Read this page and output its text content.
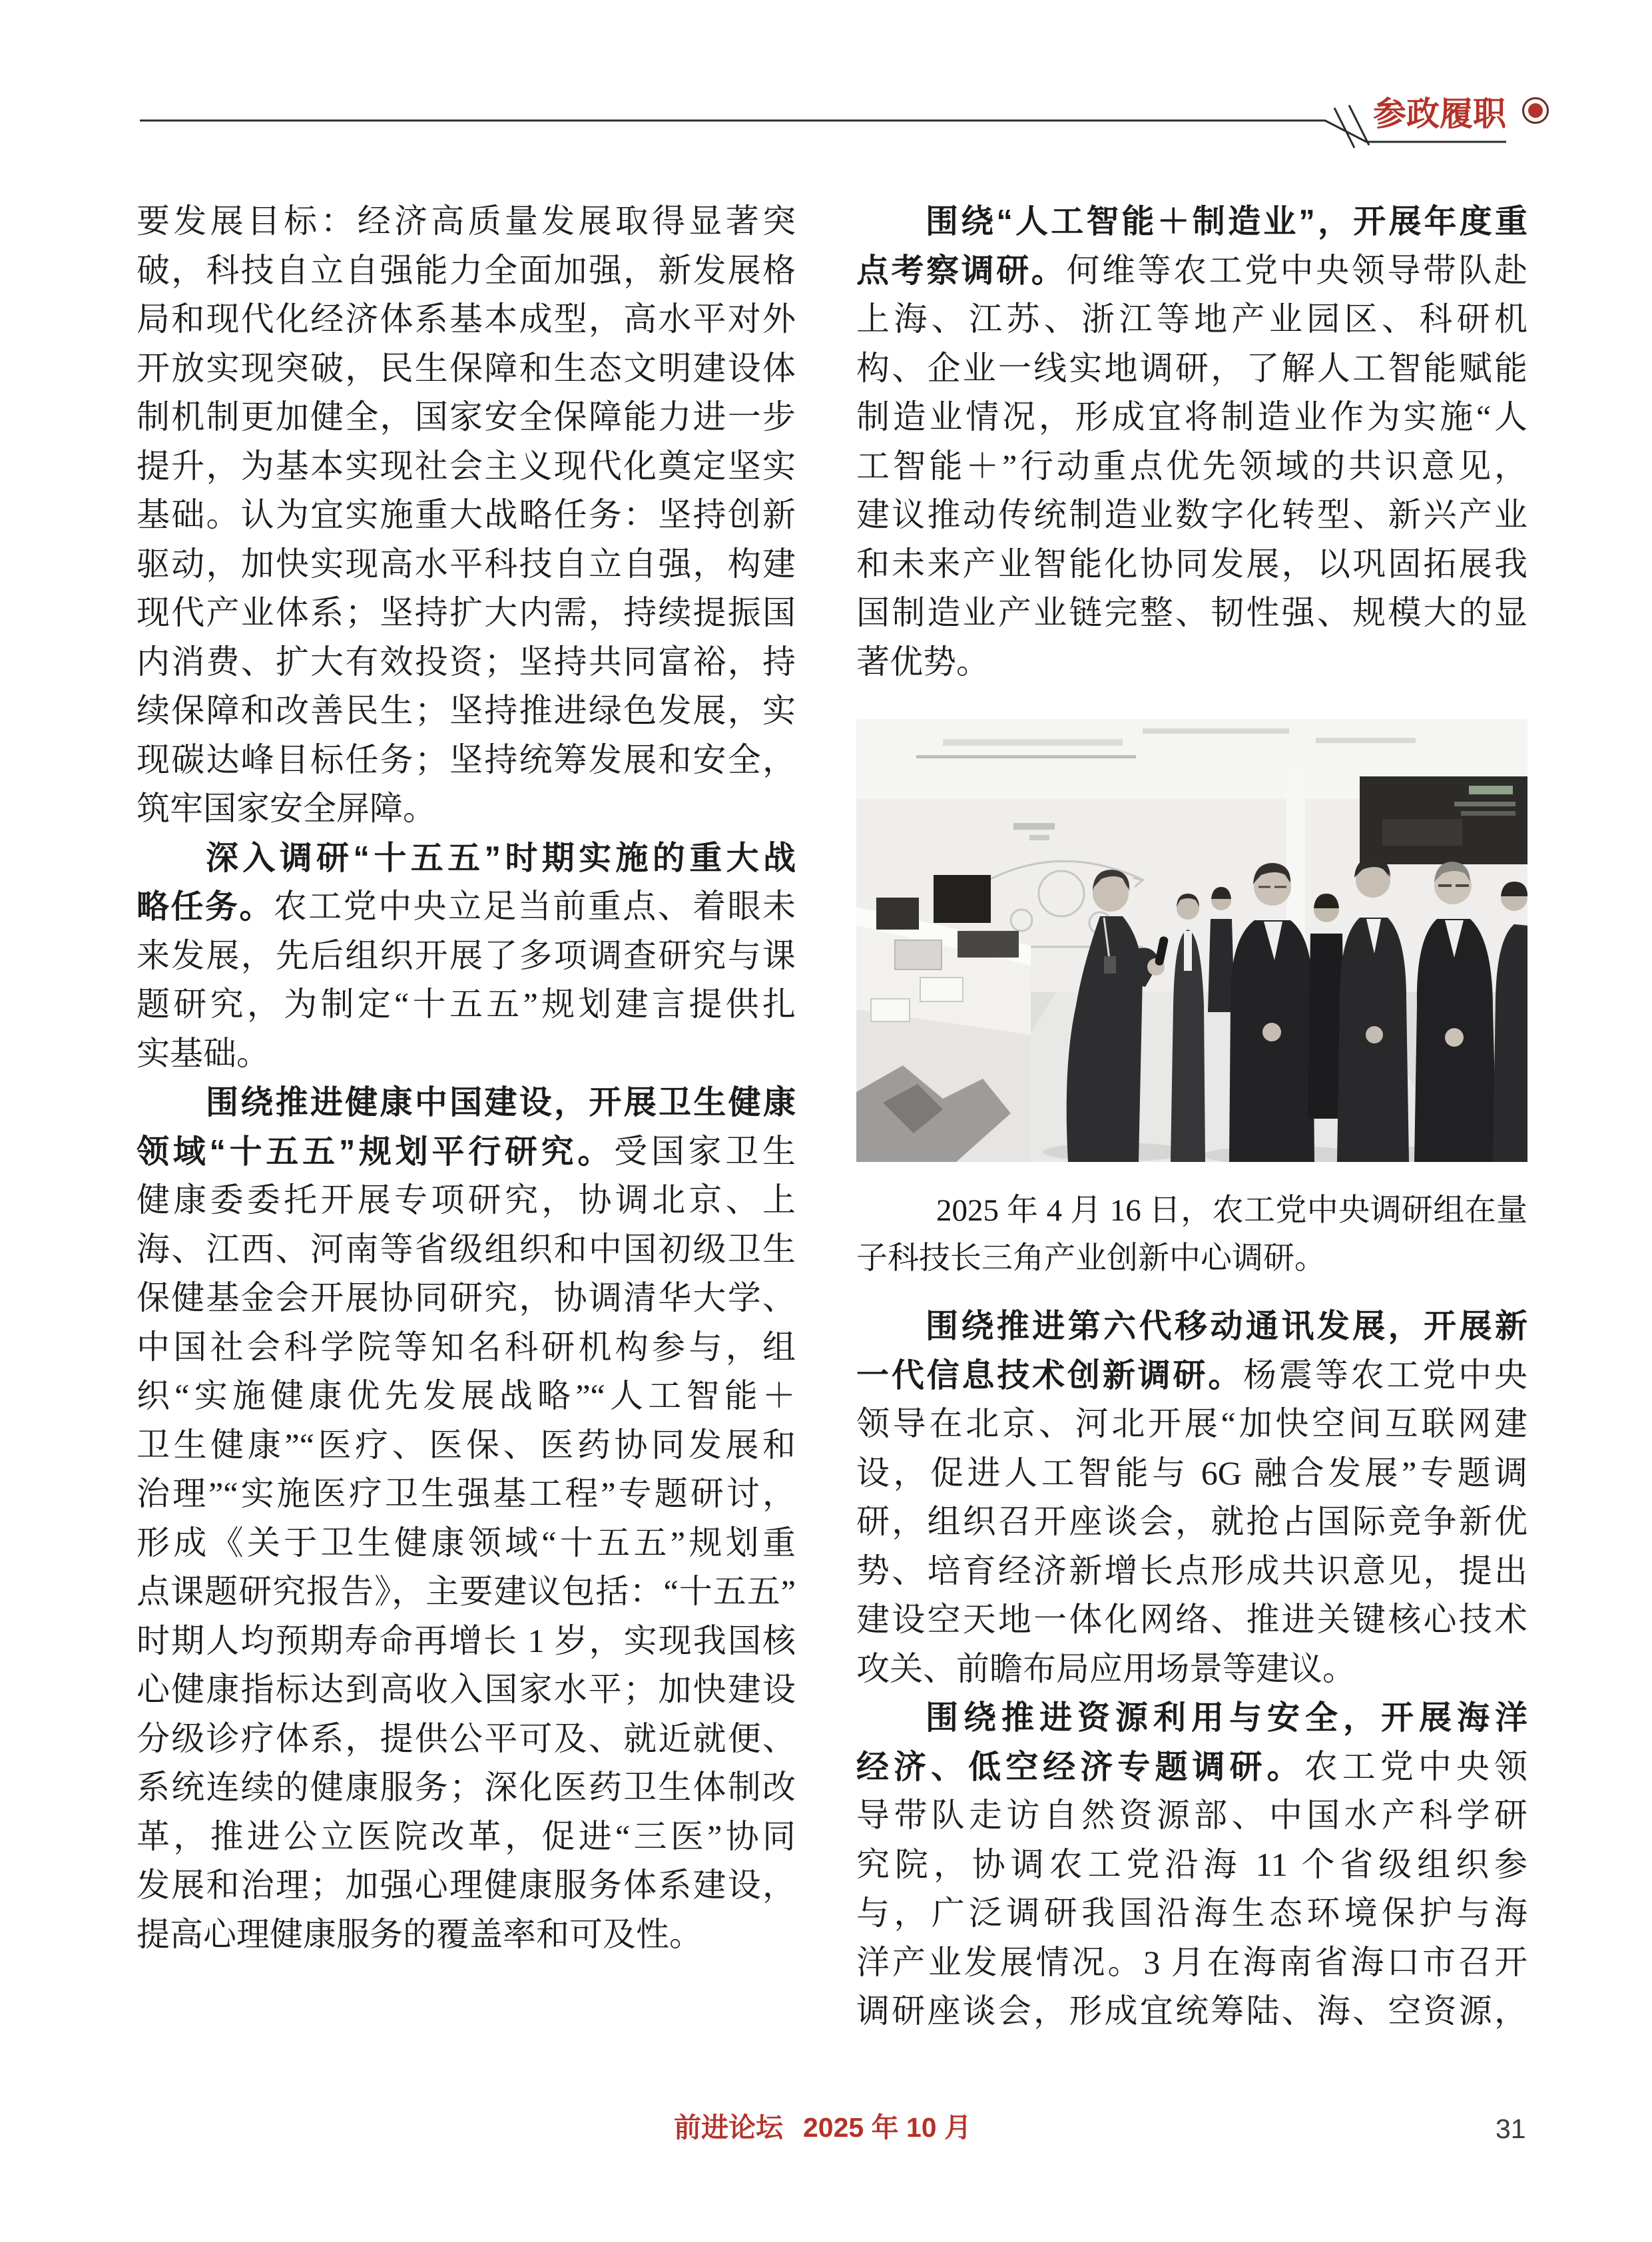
参政履职
要发展目标：经济高质量发展取得显著突
破，科技自立自强能力全面加强，新发展格
局和现代化经济体系基本成型，高水平对外
开放实现突破，民生保障和生态文明建设体
制机制更加健全，国家安全保障能力进一步
提升，为基本实现社会主义现代化奠定坚实
基础。认为宜实施重大战略任务：坚持创新
驱动，加快实现高水平科技自立自强，构建
现代产业体系；坚持扩大内需，持续提振国
内消费、扩大有效投资；坚持共同富裕，持
续保障和改善民生；坚持推进绿色发展，实
现碳达峰目标任务；坚持统筹发展和安全，
筑牢国家安全屏障。
深入调研“十五五”时期实施的重大战
略任务。农工党中央立足当前重点、着眼未
来发展，先后组织开展了多项调查研究与课
题研究，为制定“十五五”规划建言提供扎
实基础。
围绕推进健康中国建设，开展卫生健康
领域“十五五”规划平行研究。受国家卫生
健康委委托开展专项研究，协调北京、上
海、江西、河南等省级组织和中国初级卫生
保健基金会开展协同研究，协调清华大学、
中国社会科学院等知名科研机构参与，组
织“实施健康优先发展战略”“人工智能＋
卫生健康”“医疗、医保、医药协同发展和
治理”“实施医疗卫生强基工程”专题研讨，
形成《关于卫生健康领域“十五五”规划重
点课题研究报告》，主要建议包括：“十五五”
时期人均预期寿命再增长 1 岁，实现我国核
心健康指标达到高收入国家水平；加快建设
分级诊疗体系，提供公平可及、就近就便、
系统连续的健康服务；深化医药卫生体制改
革，推进公立医院改革，促进“三医”协同
发展和治理；加强心理健康服务体系建设，
提高心理健康服务的覆盖率和可及性。
围绕“人工智能＋制造业”，开展年度重
点考察调研。何维等农工党中央领导带队赴
上海、江苏、浙江等地产业园区、科研机
构、企业一线实地调研，了解人工智能赋能
制造业情况，形成宜将制造业作为实施“人
工智能＋”行动重点优先领域的共识意见，
建议推动传统制造业数字化转型、新兴产业
和未来产业智能化协同发展，以巩固拓展我
国制造业产业链完整、韧性强、规模大的显
著优势。
2025 年 4 月 16 日，农工党中央调研组在量
子科技长三角产业创新中心调研。
围绕推进第六代移动通讯发展，开展新
一代信息技术创新调研。杨震等农工党中央
领导在北京、河北开展“加快空间互联网建
设，促进人工智能与 6G 融合发展”专题调
研，组织召开座谈会，就抢占国际竞争新优
势、培育经济新增长点形成共识意见，提出
建设空天地一体化网络、推进关键核心技术
攻关、前瞻布局应用场景等建议。
围绕推进资源利用与安全，开展海洋
经济、低空经济专题调研。农工党中央领
导带队走访自然资源部、中国水产科学研
究院，协调农工党沿海 11 个省级组织参
与，广泛调研我国沿海生态环境保护与海
洋产业发展情况。3 月在海南省海口市召开
调研座谈会，形成宜统筹陆、海、空资源，
前进论坛 2025 年 10 月	31
